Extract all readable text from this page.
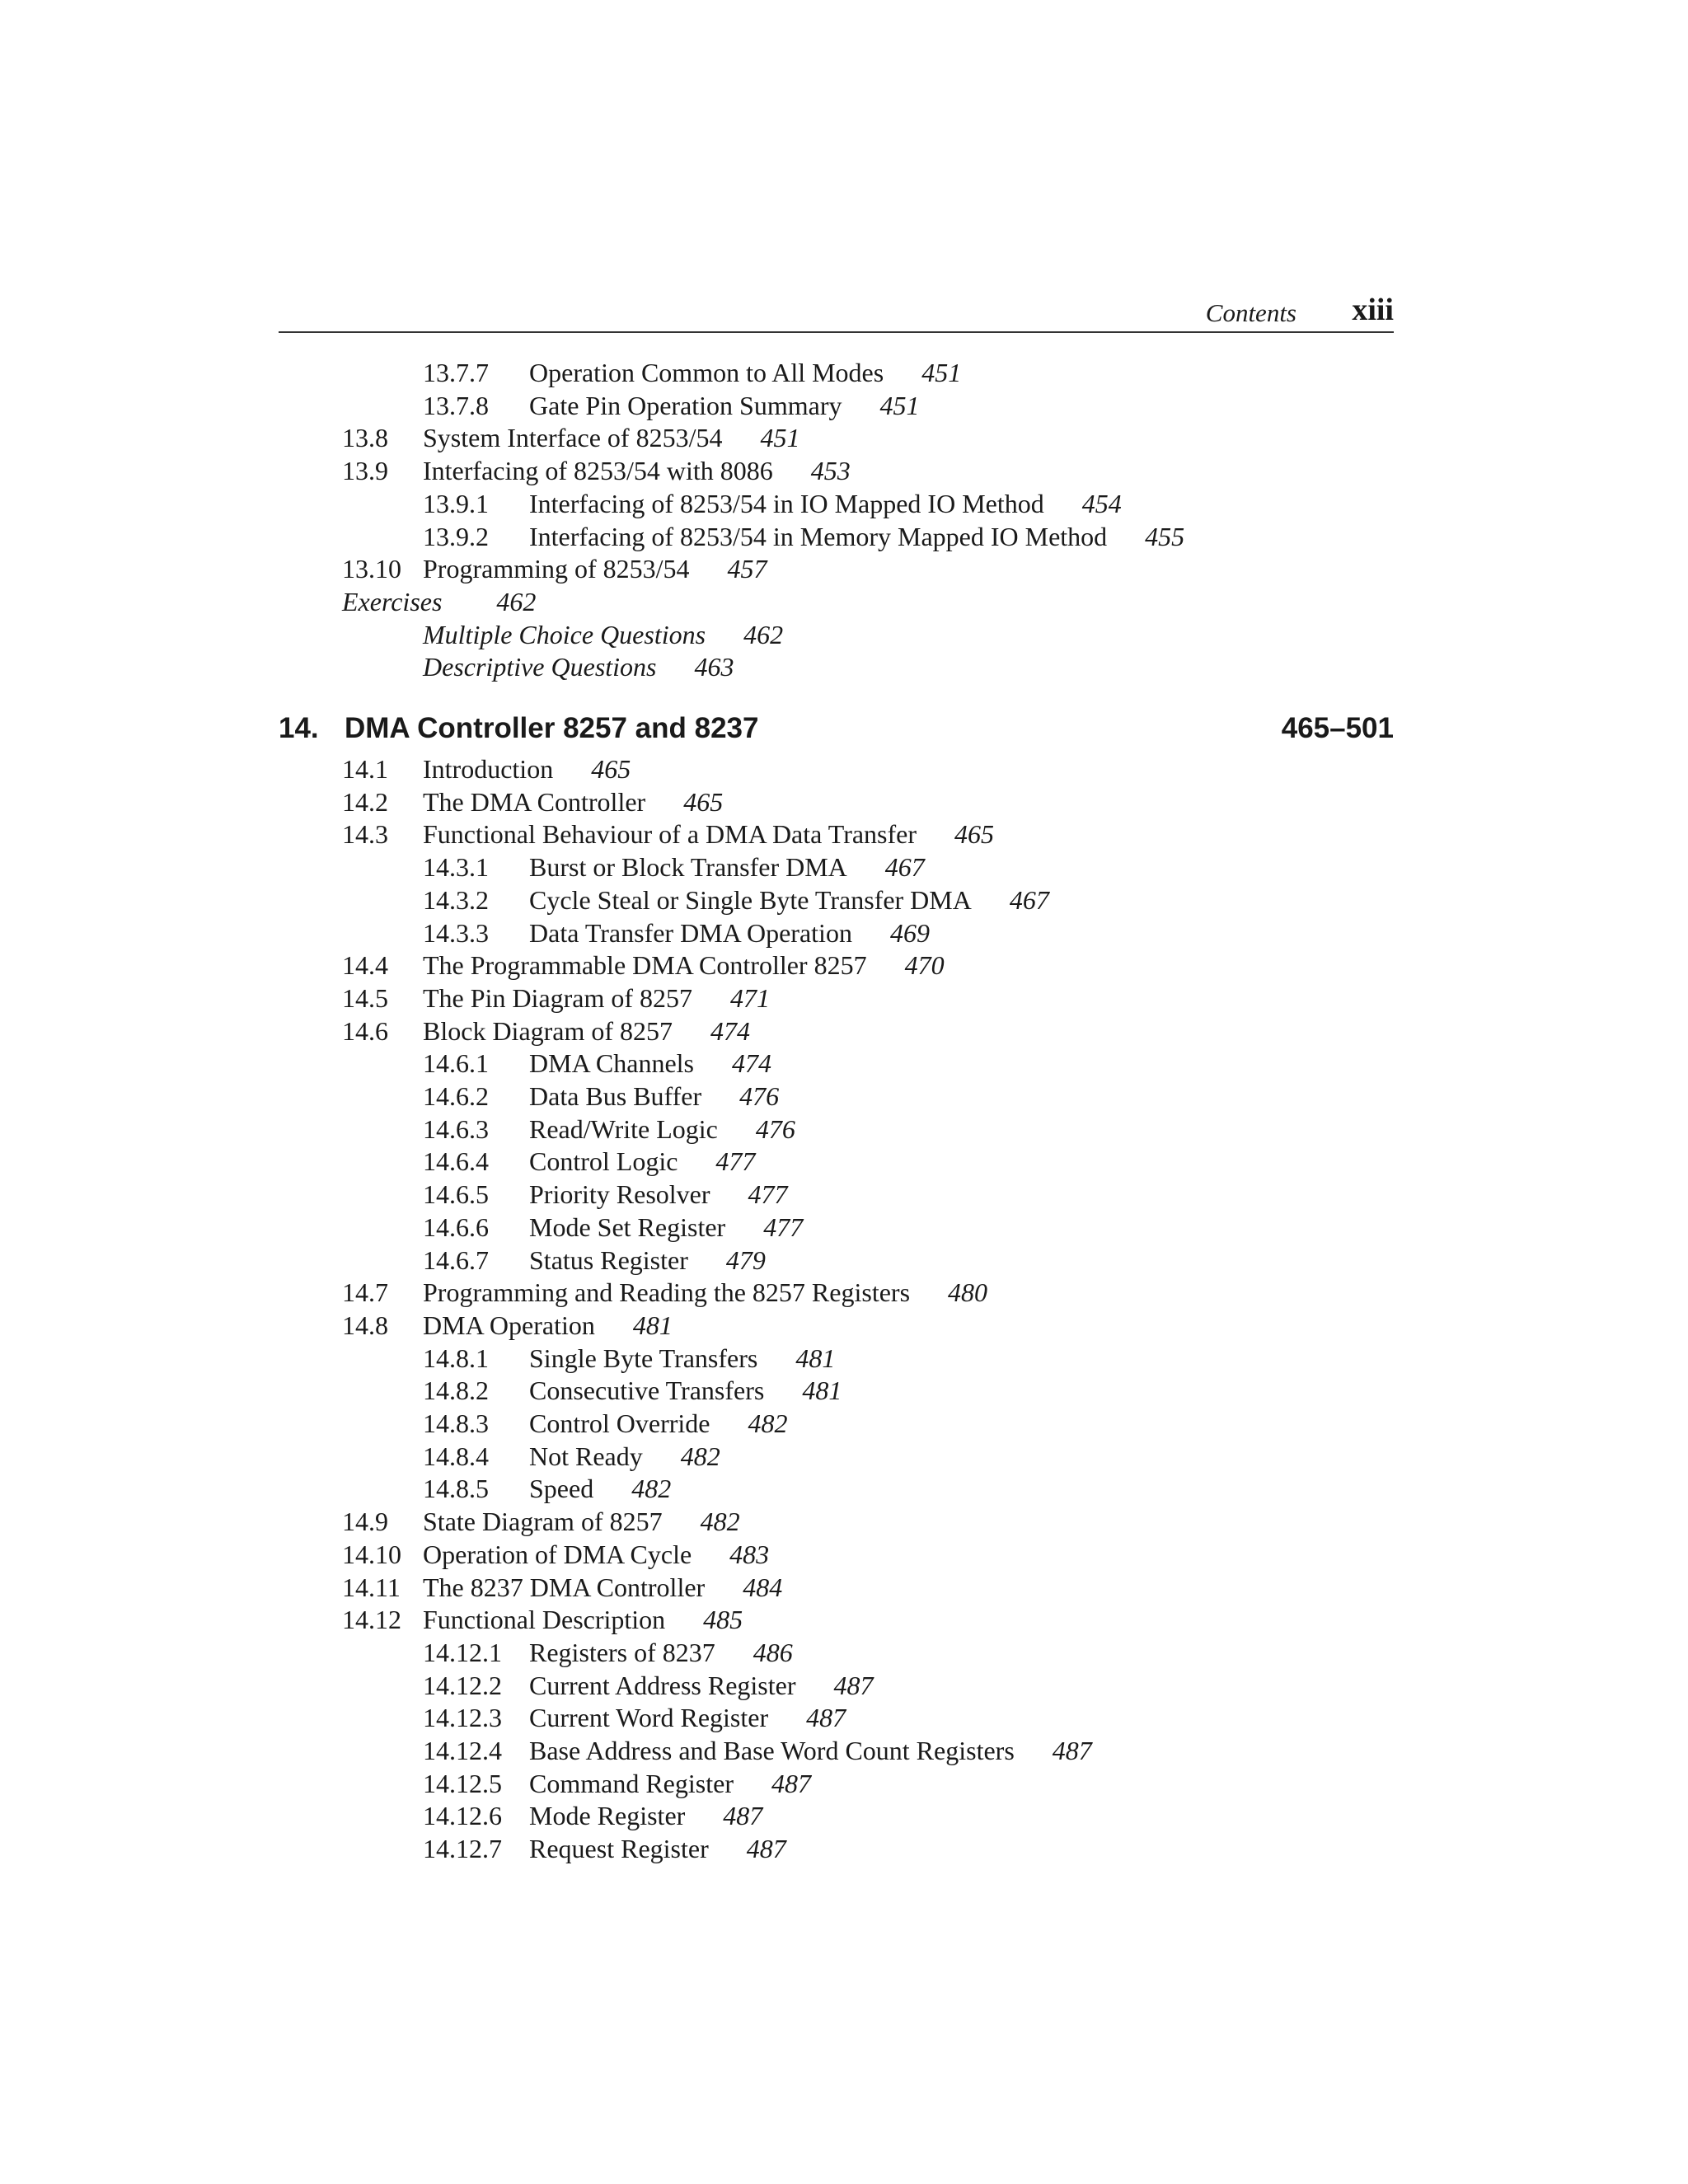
Contents xiii
13.7.7 Operation Common to All Modes 451
13.7.8 Gate Pin Operation Summary 451
13.8 System Interface of 8253/54 451
13.9 Interfacing of 8253/54 with 8086 453
13.9.1 Interfacing of 8253/54 in IO Mapped IO Method 454
13.9.2 Interfacing of 8253/54 in Memory Mapped IO Method 455
13.10 Programming of 8253/54 457
Exercises 462
Multiple Choice Questions 462
Descriptive Questions 463
14. DMA Controller 8257 and 8237	465–501
14.1 Introduction 465
14.2 The DMA Controller 465
14.3 Functional Behaviour of a DMA Data Transfer 465
14.3.1 Burst or Block Transfer DMA 467
14.3.2 Cycle Steal or Single Byte Transfer DMA 467
14.3.3 Data Transfer DMA Operation 469
14.4 The Programmable DMA Controller 8257 470
14.5 The Pin Diagram of 8257 471
14.6 Block Diagram of 8257 474
14.6.1 DMA Channels 474
14.6.2 Data Bus Buffer 476
14.6.3 Read/Write Logic 476
14.6.4 Control Logic 477
14.6.5 Priority Resolver 477
14.6.6 Mode Set Register 477
14.6.7 Status Register 479
14.7 Programming and Reading the 8257 Registers 480
14.8 DMA Operation 481
14.8.1 Single Byte Transfers 481
14.8.2 Consecutive Transfers 481
14.8.3 Control Override 482
14.8.4 Not Ready 482
14.8.5 Speed 482
14.9 State Diagram of 8257 482
14.10 Operation of DMA Cycle 483
14.11 The 8237 DMA Controller 484
14.12 Functional Description 485
14.12.1 Registers of 8237 486
14.12.2 Current Address Register 487
14.12.3 Current Word Register 487
14.12.4 Base Address and Base Word Count Registers 487
14.12.5 Command Register 487
14.12.6 Mode Register 487
14.12.7 Request Register 487
